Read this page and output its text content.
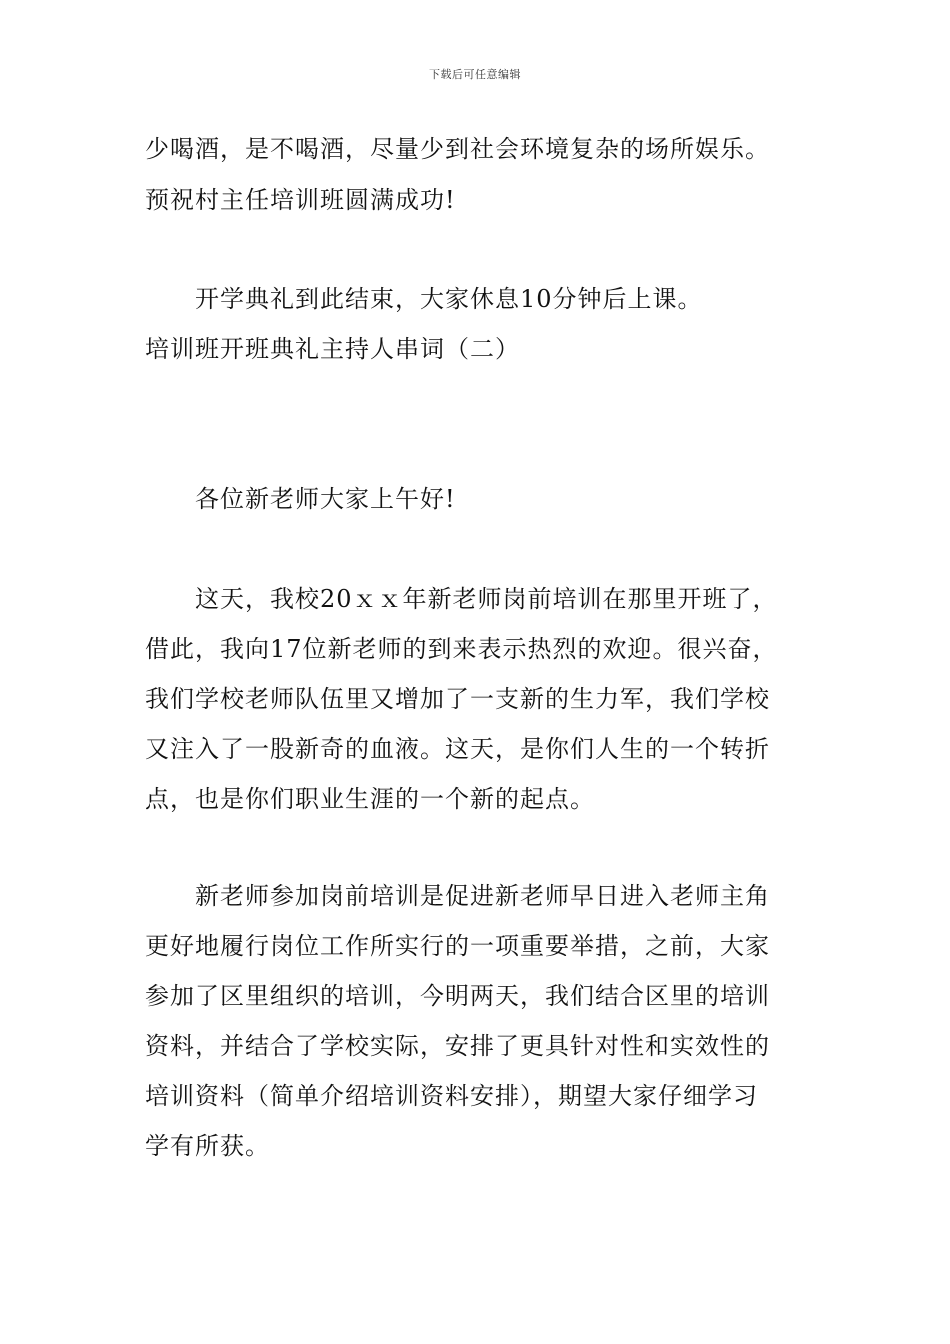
下载后可任意编辑
少喝酒，是不喝酒，尽量少到社会环境复杂的场所娱乐。
预祝村主任培训班圆满成功!
开学典礼到此结束，大家休息10分钟后上课。
培训班开班典礼主持人串词（二）
各位新老师大家上午好!
这天，我校20ｘｘ年新老师岗前培训在那里开班了，
借此，我向17位新老师的到来表示热烈的欢迎。很兴奋，
我们学校老师队伍里又增加了一支新的生力军，我们学校
又注入了一股新奇的血液。这天，是你们人生的一个转折
点，也是你们职业生涯的一个新的起点。
新老师参加岗前培训是促进新老师早日进入老师主角
更好地履行岗位工作所实行的一项重要举措，之前，大家
参加了区里组织的培训，今明两天，我们结合区里的培训
资料，并结合了学校实际，安排了更具针对性和实效性的
培训资料（简单介绍培训资料安排），期望大家仔细学习
学有所获。
